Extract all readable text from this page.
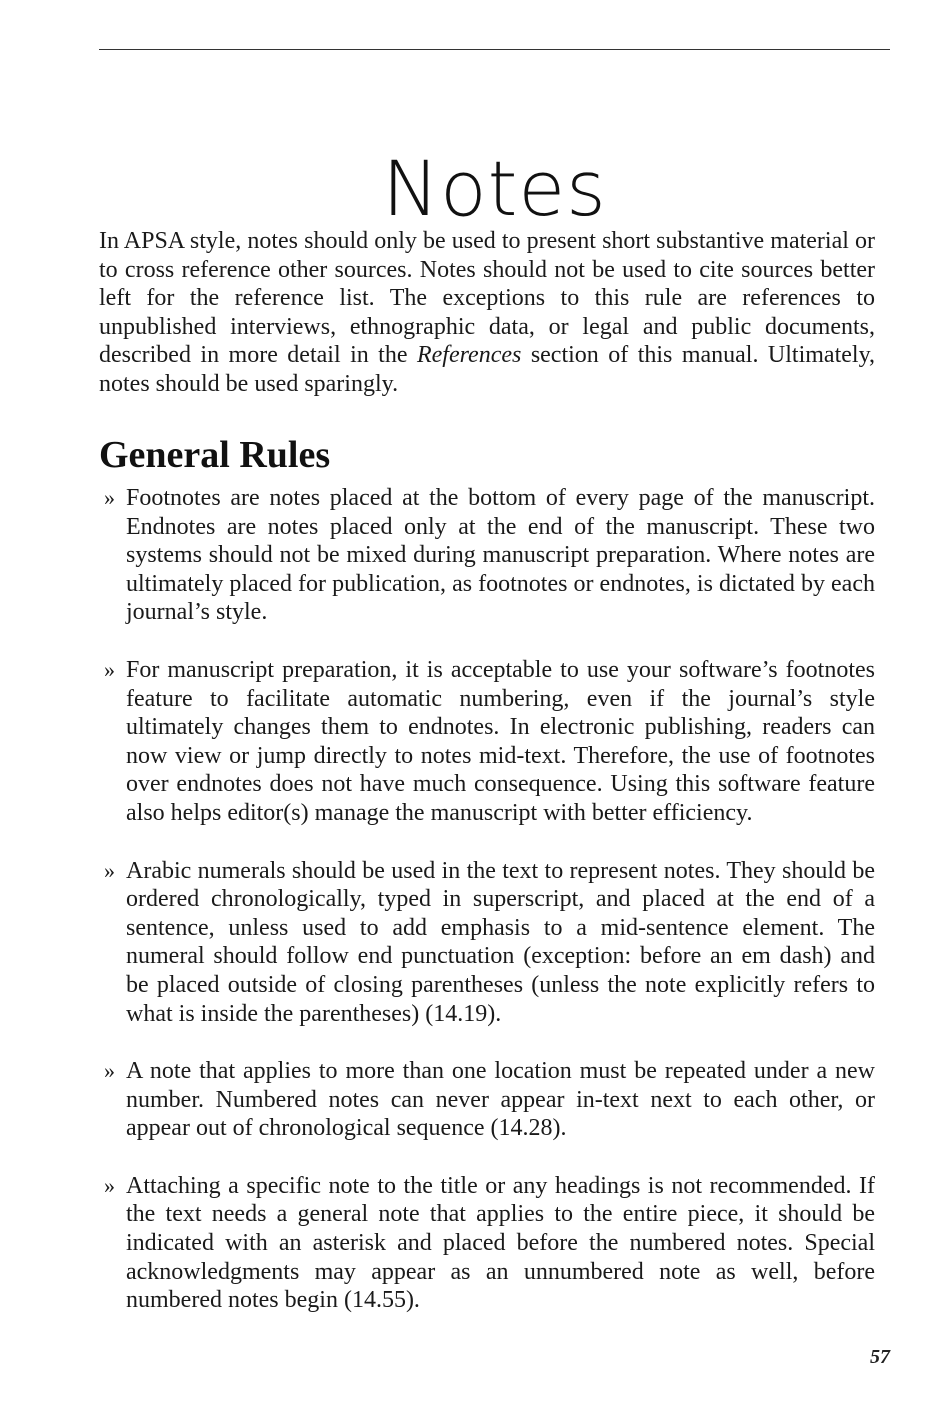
Notes

In APSA style, notes should only be used to present short substantive material or to cross reference other sources. Notes should not be used to cite sources better left for the reference list. The exceptions to this rule are references to unpublished interviews, ethnographic data, or legal and public documents, described in more detail in the References section of this manual. Ultimately, notes should be used sparingly.

General Rules
» Footnotes are notes placed at the bottom of every page of the manuscript. Endnotes are notes placed only at the end of the manuscript. These two systems should not be mixed during manuscript preparation. Where notes are ultimately placed for publication, as footnotes or endnotes, is dictated by each journal’s style.
» For manuscript preparation, it is acceptable to use your software’s footnotes feature to facilitate automatic numbering, even if the journal’s style ultimately changes them to endnotes. In electronic publishing, readers can now view or jump directly to notes mid-text. Therefore, the use of footnotes over endnotes does not have much consequence. Using this software feature also helps editor(s) manage the manuscript with better efficiency.
» Arabic numerals should be used in the text to represent notes. They should be ordered chronologically, typed in superscript, and placed at the end of a sentence, unless used to add emphasis to a mid-sentence element. The numeral should follow end punctuation (exception: before an em dash) and be placed outside of closing parentheses (unless the note explicitly refers to what is inside the parentheses) (14.19).
» A note that applies to more than one location must be repeated under a new number. Numbered notes can never appear in-text next to each other, or appear out of chronological sequence (14.28).
» Attaching a specific note to the title or any headings is not recommended. If the text needs a general note that applies to the entire piece, it should be indicated with an asterisk and placed before the numbered notes. Special acknowledgments may appear as an unnumbered note as well, before numbered notes begin (14.55).
57
